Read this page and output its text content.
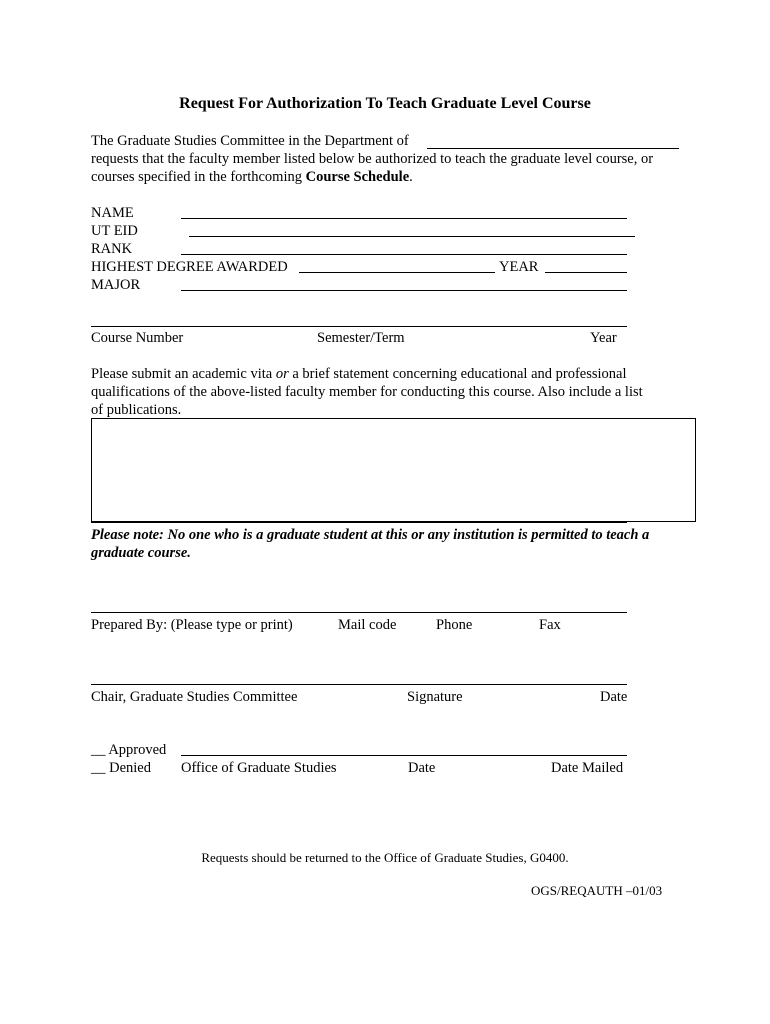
Request For Authorization To Teach Graduate Level Course
The Graduate Studies Committee in the Department of
requests that the faculty member listed below be authorized to teach the graduate level course, or
courses specified in the forthcoming Course Schedule.
NAME
UT EID
RANK
HIGHEST DEGREE AWARDED	YEAR
MAJOR
Course Number	Semester/Term	Year
Please submit an academic vita or a brief statement concerning educational and professional
qualifications of the above-listed faculty member for conducting this course. Also include a list
of publications.
Please note: No one who is a graduate student at this or any institution is permitted to teach a
graduate course.
Prepared By: (Please type or print)	Mail code	Phone	Fax
Chair, Graduate Studies Committee	Signature	Date
__ Approved
__ Denied Office of Graduate Studies	Date	Date Mailed
Requests should be returned to the Office of Graduate Studies, G0400.
OGS/REQAUTH –01/03
